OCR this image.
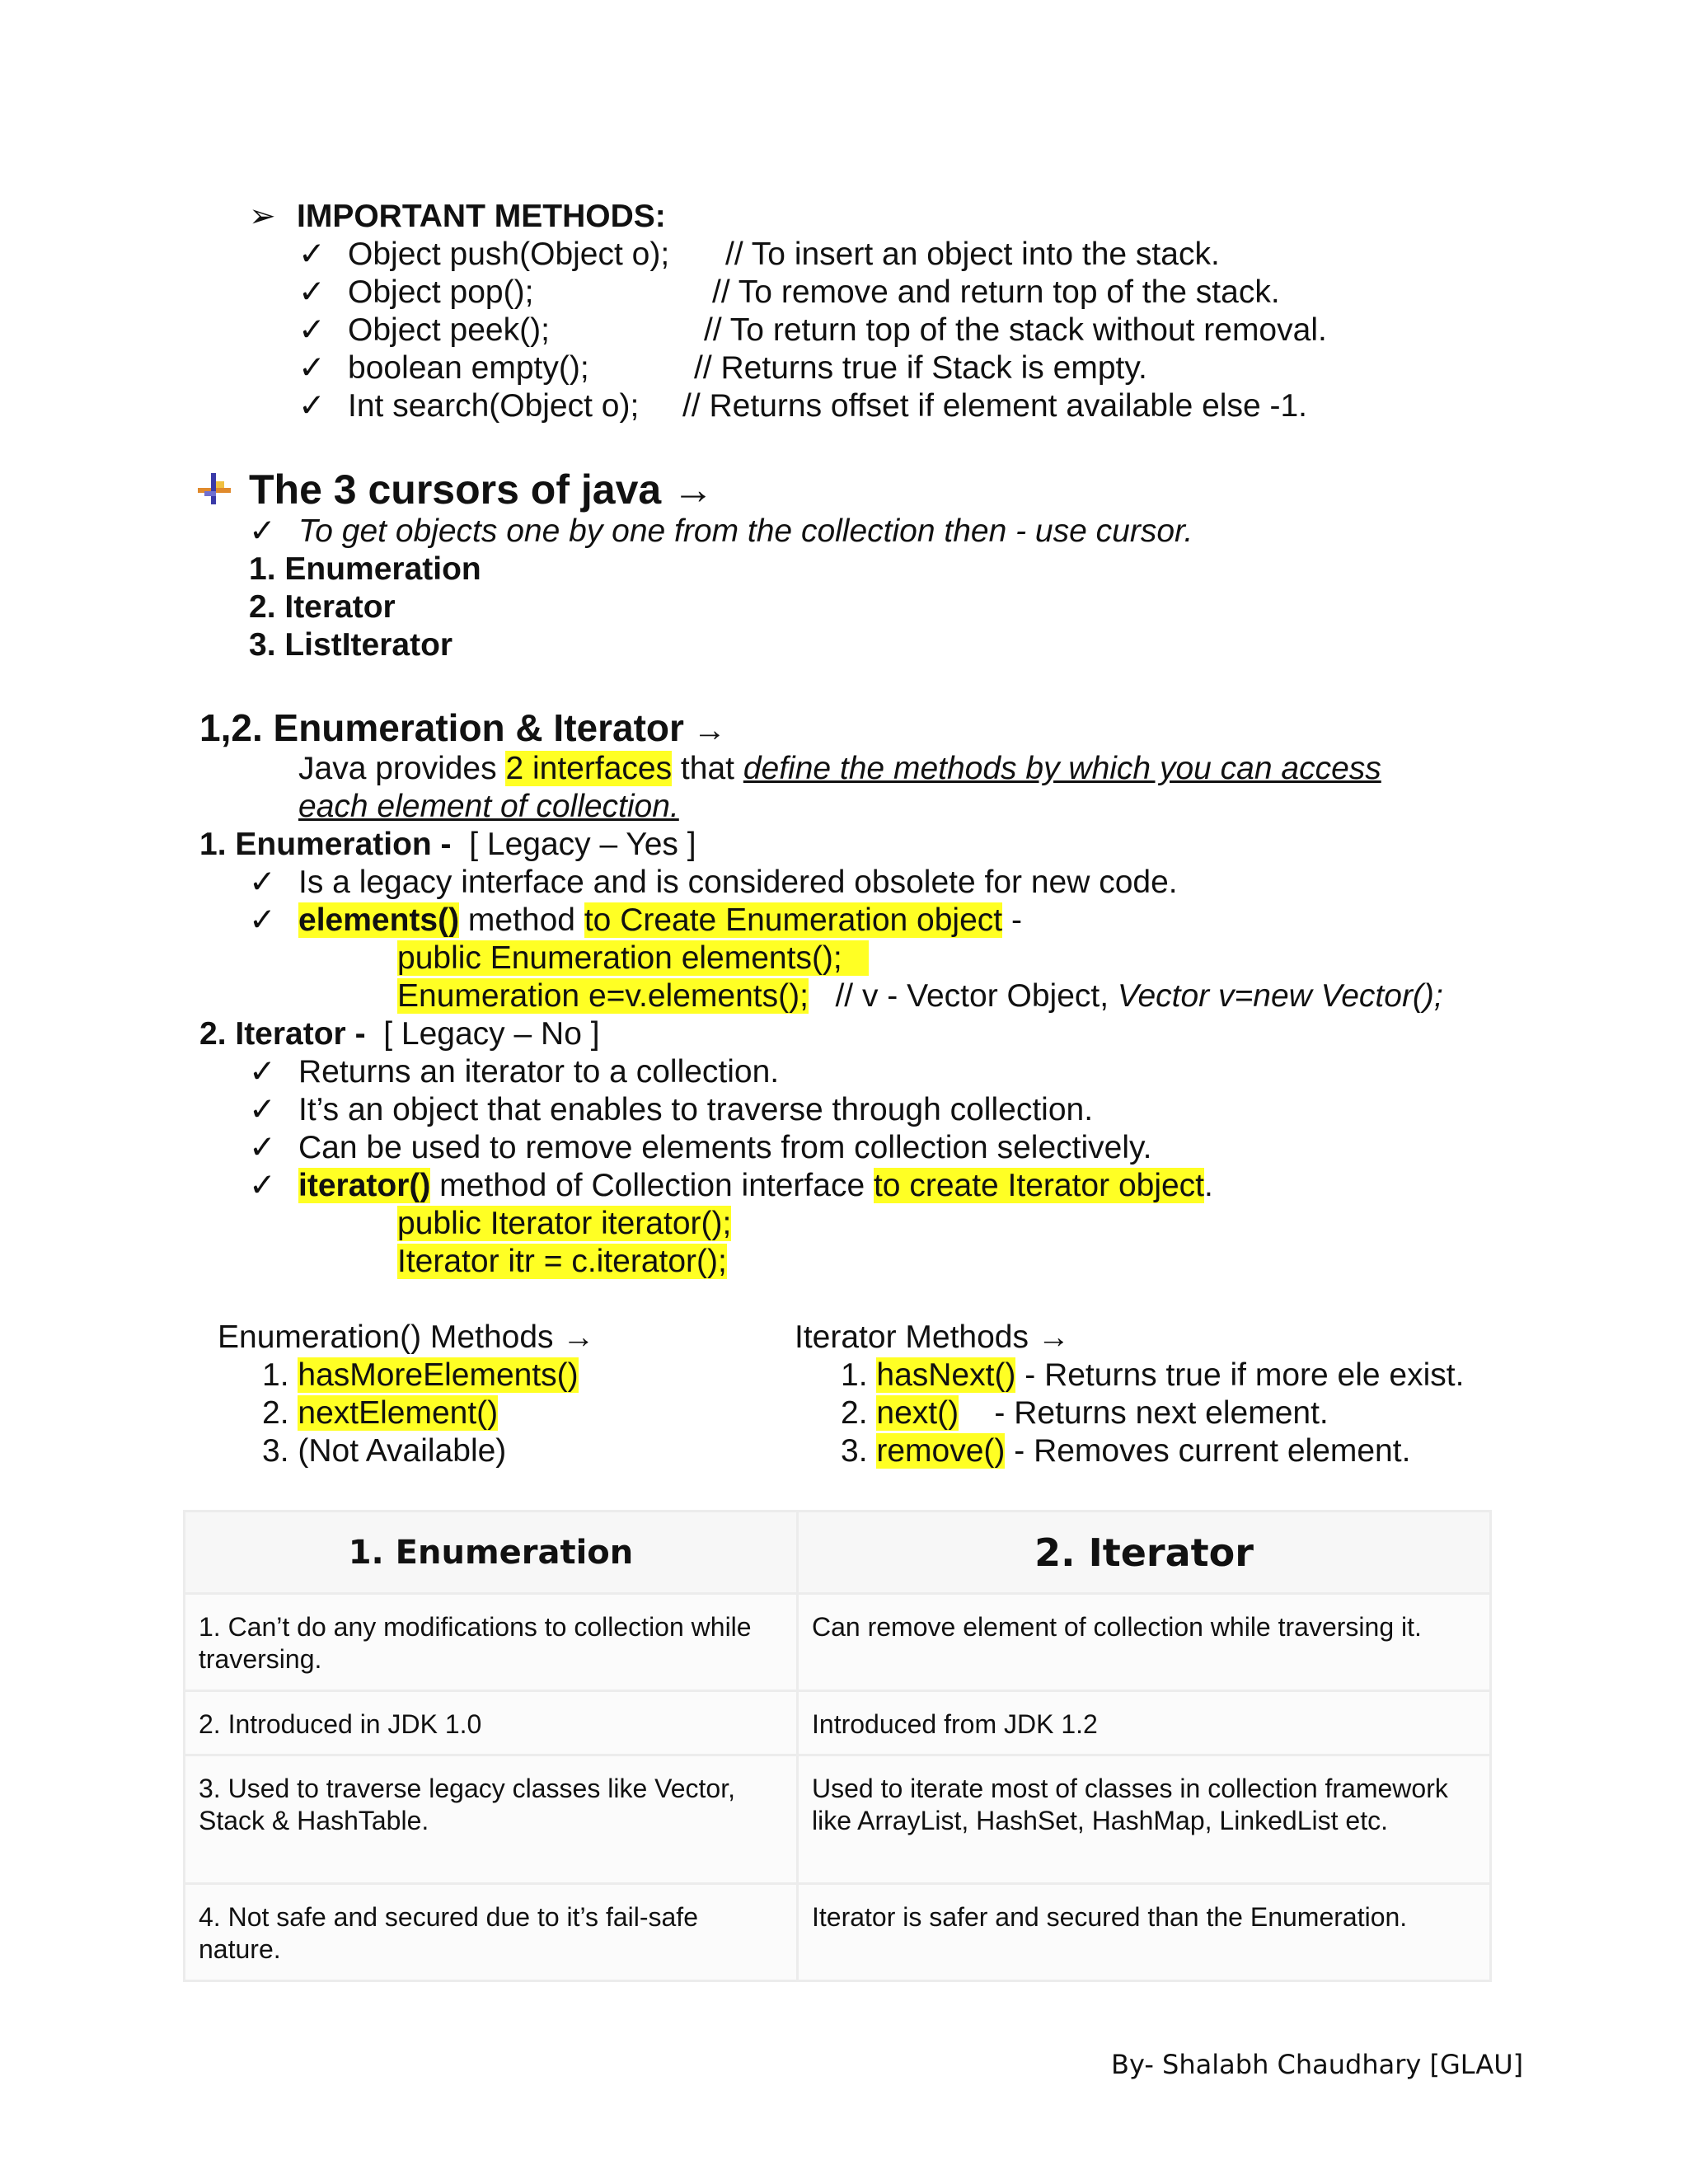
➢ IMPORTANT METHODS:
✓ Object push(Object o); // To insert an object into the stack.
✓ Object pop();	// To remove and return top of the stack.
✓ Object peek();	// To return top of the stack without removal.
✓ boolean empty();	// Returns true if Stack is empty.
✓ Int search(Object o); // Returns offset if element available else -1.
The 3 cursors of java →
✓ To get objects one by one from the collection then - use cursor.
1. Enumeration
2. Iterator
3. ListIterator
1,2. Enumeration & Iterator →
Java provides 2 interfaces that define the methods by which you can access
each element of collection.
1. Enumeration - [ Legacy – Yes ]
✓ Is a legacy interface and is considered obsolete for new code.
✓ elements() method to Create Enumeration object -
public Enumeration elements();
Enumeration e=v.elements(); // v - Vector Object, Vector v=new Vector();
2. Iterator - [ Legacy – No ]
✓ Returns an iterator to a collection.
✓ It’s an object that enables to traverse through collection.
✓ Can be used to remove elements from collection selectively.
✓ iterator() method of Collection interface to create Iterator object.
public Iterator iterator();
Iterator itr = c.iterator();
Enumeration() Methods →
1. hasMoreElements()
2. nextElement()
3. (Not Available)
Iterator Methods →
1. hasNext() - Returns true if more ele exist.
2. next()    - Returns next element.
3. remove() - Removes current element.
1. Enumeration	2. Iterator
1. Can’t do any modifications to collection while traversing.	Can remove element of collection while traversing it.
2. Introduced in JDK 1.0	Introduced from JDK 1.2
3. Used to traverse legacy classes like Vector, Stack & HashTable.	Used to iterate most of classes in collection framework like ArrayList, HashSet, HashMap, LinkedList etc.
4. Not safe and secured due to it’s fail-safe nature.	Iterator is safer and secured than the Enumeration.
By- Shalabh Chaudhary [GLAU]
